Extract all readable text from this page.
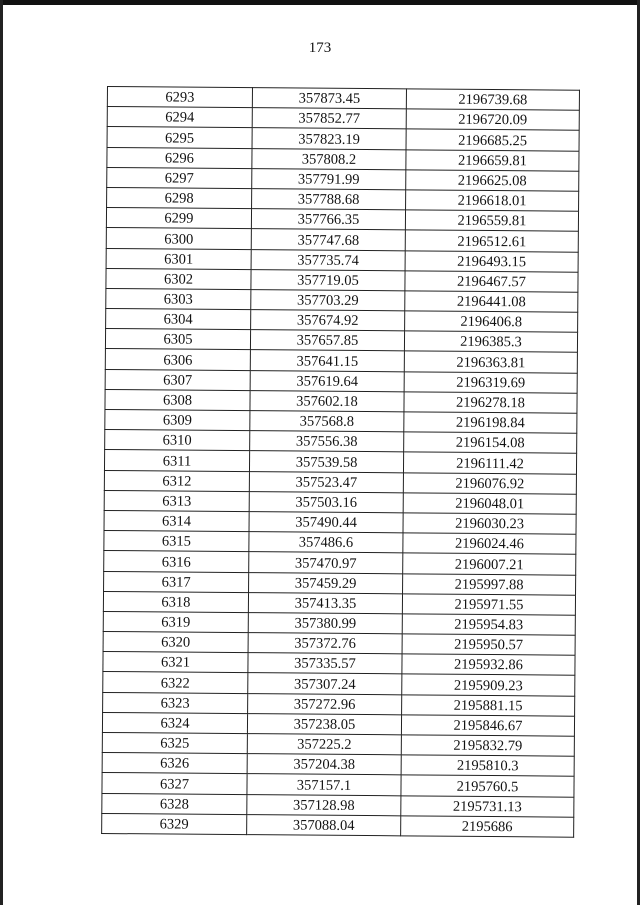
173
6293	357873.45	2196739.68
6294	357852.77	2196720.09
6295	357823.19	2196685.25
6296	357808.2	2196659.81
6297	357791.99	2196625.08
6298	357788.68	2196618.01
6299	357766.35	2196559.81
6300	357747.68	2196512.61
6301	357735.74	2196493.15
6302	357719.05	2196467.57
6303	357703.29	2196441.08
6304	357674.92	2196406.8
6305	357657.85	2196385.3
6306	357641.15	2196363.81
6307	357619.64	2196319.69
6308	357602.18	2196278.18
6309	357568.8	2196198.84
6310	357556.38	2196154.08
6311	357539.58	2196111.42
6312	357523.47	2196076.92
6313	357503.16	2196048.01
6314	357490.44	2196030.23
6315	357486.6	2196024.46
6316	357470.97	2196007.21
6317	357459.29	2195997.88
6318	357413.35	2195971.55
6319	357380.99	2195954.83
6320	357372.76	2195950.57
6321	357335.57	2195932.86
6322	357307.24	2195909.23
6323	357272.96	2195881.15
6324	357238.05	2195846.67
6325	357225.2	2195832.79
6326	357204.38	2195810.3
6327	357157.1	2195760.5
6328	357128.98	2195731.13
6329	357088.04	2195686
